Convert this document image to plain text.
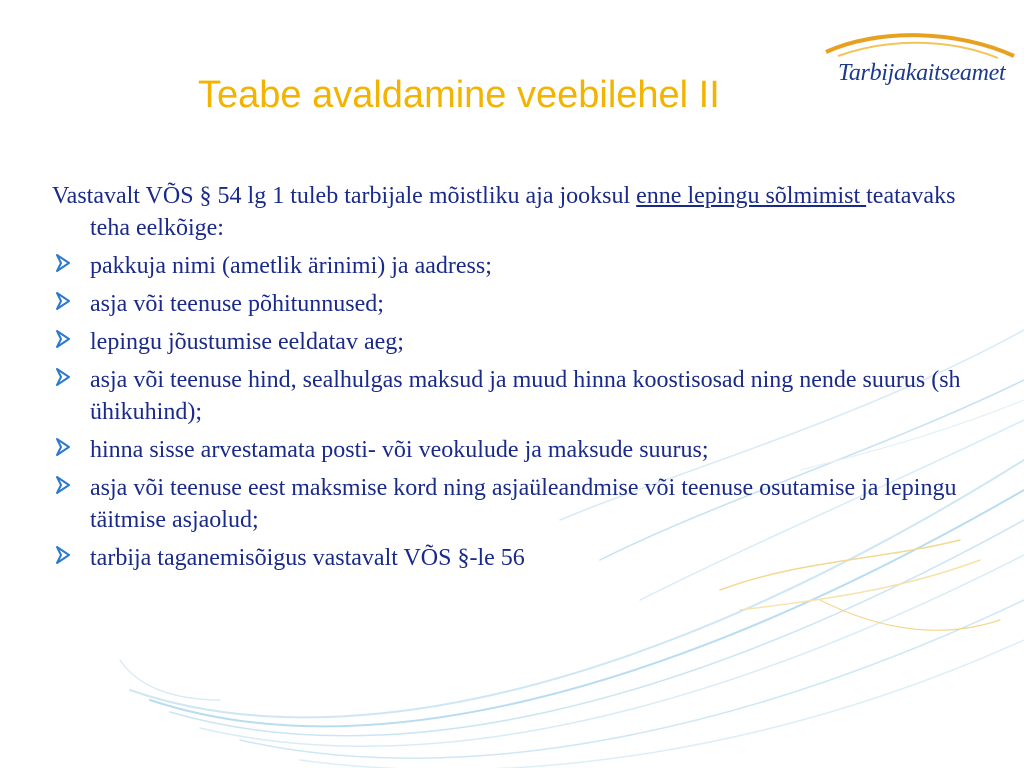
Teabe avaldamine veebilehel II
Tarbijakaitseamet

Vastavalt VÕS § 54 lg 1 tuleb tarbijale mõistliku aja jooksul enne lepingu sõlmimist teatavaks teha eelkõige:

pakkuja nimi (ametlik ärinimi) ja aadress;
asja või teenuse põhitunnused;
lepingu jõustumise eeldatav aeg;
asja või teenuse hind, sealhulgas maksud ja muud hinna koostisosad ning nende suurus (sh ühikuhind);
hinna sisse arvestamata posti- või veokulude ja maksude suurus;
asja või teenuse eest maksmise kord ning asjaüleandmise või teenuse osutamise ja lepingu täitmise asjaolud;
tarbija taganemisõigus vastavalt VÕS §-le 56
